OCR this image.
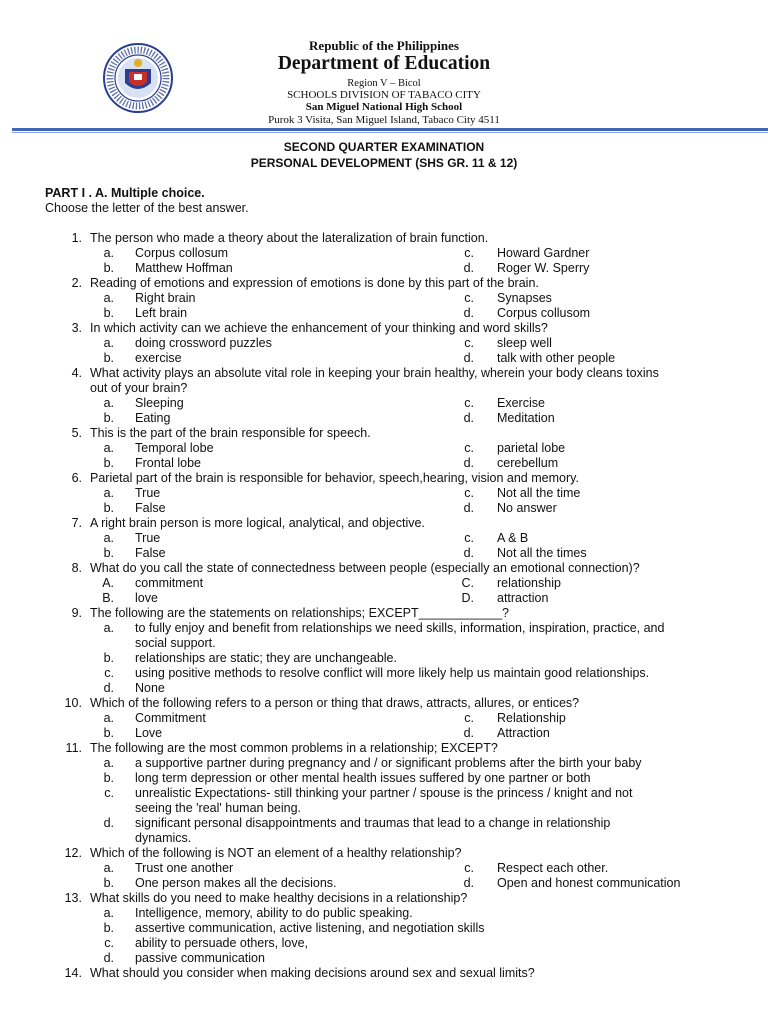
Republic of the Philippines
Department of Education
Region V – Bicol
SCHOOLS DIVISION OF TABACO CITY
San Miguel National High School
Purok 3 Visita, San Miguel Island, Tabaco City 4511
SECOND QUARTER EXAMINATION
PERSONAL DEVELOPMENT (SHS GR. 11 & 12)
PART I . A. Multiple choice.
Choose the letter of the best answer.
1. The person who made a theory about the lateralization of brain function.
a. Corpus collosum	c. Howard Gardner
b. Matthew Hoffman	d. Roger W. Sperry
2. Reading of emotions and expression of emotions is done by this part of the brain.
a. Right brain	c. Synapses
b. Left brain	d. Corpus collusom
3. In which activity can we achieve the enhancement of your thinking and word skills?
a. doing crossword puzzles	c. sleep well
b. exercise	d. talk with other people
4. What activity plays an absolute vital role in keeping your brain healthy, wherein your body cleans toxins
out of your brain?
a. Sleeping	c. Exercise
b. Eating	d. Meditation
5. This is the part of the brain responsible for speech.
a. Temporal lobe	c. parietal lobe
b. Frontal lobe	d. cerebellum
6. Parietal part of the brain is responsible for behavior, speech,hearing, vision and memory.
a. True	c. Not all the time
b. False	d. No answer
7. A right brain person is more logical, analytical, and objective.
a. True	c. A & B
b. False	d. Not all the times
8. What do you call the state of connectedness between people (especially an emotional connection)?
A. commitment	C. relationship
B. love	D. attraction
9. The following are the statements on relationships; EXCEPT____________?
a. to fully enjoy and benefit from relationships we need skills, information, inspiration, practice, and
social support.
b. relationships are static; they are unchangeable.
c. using positive methods to resolve conflict will more likely help us maintain good relationships.
d. None
10. Which of the following refers to a person or thing that draws, attracts, allures, or entices?
a. Commitment	c. Relationship
b. Love	d. Attraction
11. The following are the most common problems in a relationship; EXCEPT?
a. a supportive partner during pregnancy and / or significant problems after the birth your baby
b. long term depression or other mental health issues suffered by one partner or both
c. unrealistic Expectations- still thinking your partner / spouse is the princess / knight and not
seeing the 'real' human being.
d. significant personal disappointments and traumas that lead to a change in relationship
dynamics.
12. Which of the following is NOT an element of a healthy relationship?
a. Trust one another	c. Respect each other.
b. One person makes all the decisions.	d. Open and honest communication
13. What skills do you need to make healthy decisions in a relationship?
a. Intelligence, memory, ability to do public speaking.
b. assertive communication, active listening, and negotiation skills
c. ability to persuade others, love,
d. passive communication
14. What should you consider when making decisions around sex and sexual limits?
